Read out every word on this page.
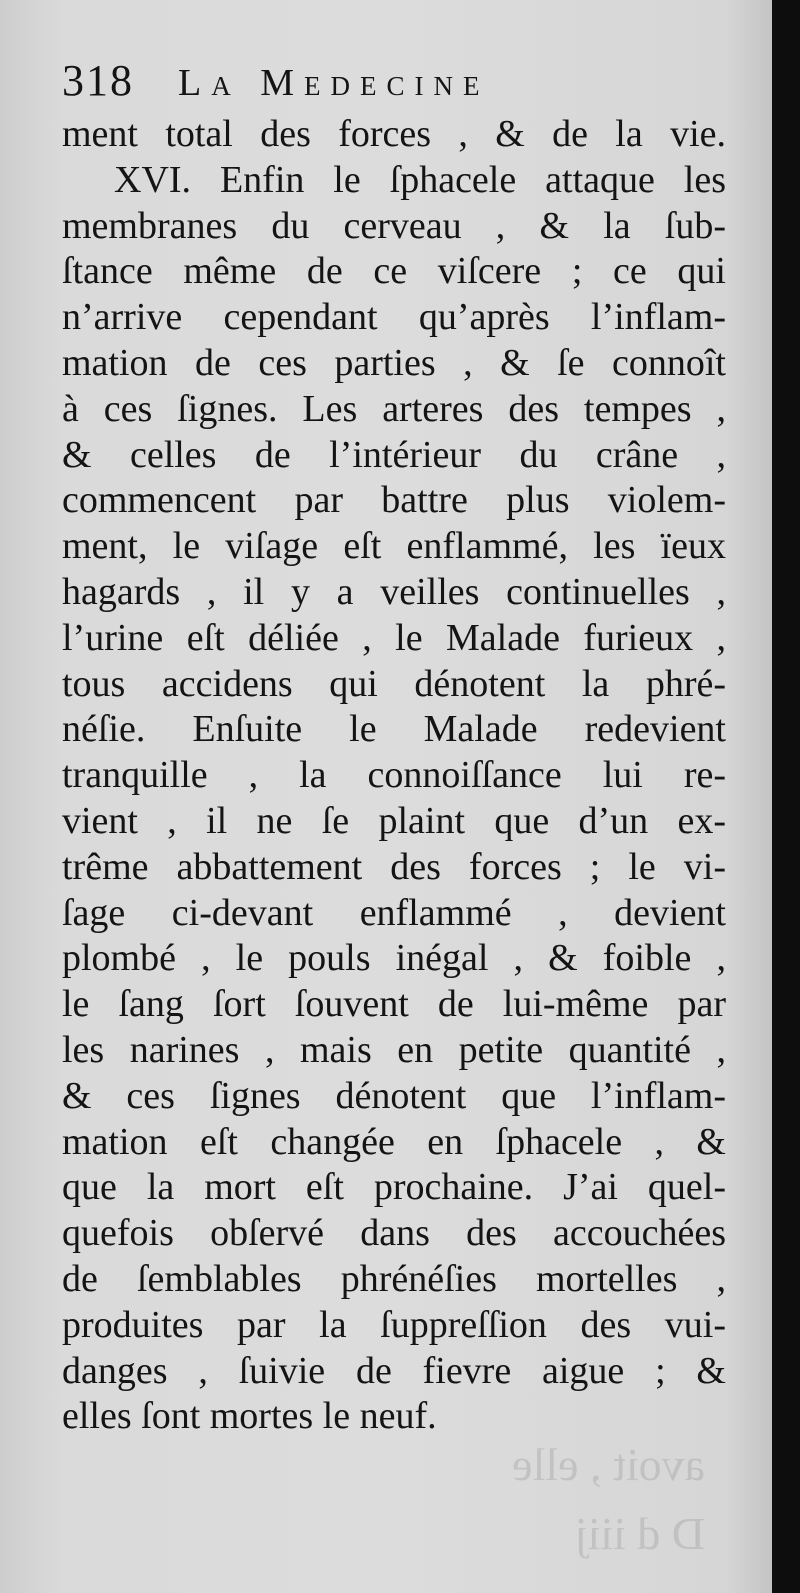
avoit , elle
D d iiij
318 La Medecine
ment total des forces , & de la vie.
XVI. Enfin le ſphacele attaque les
membranes du cerveau , & la ſub-
ſtance même de ce viſcere ; ce qui
n’arrive cependant qu’après l’inflam-
mation de ces parties , & ſe connoît
à ces ſignes. Les arteres des tempes ,
& celles de l’intérieur du crâne ,
commencent par battre plus violem-
ment, le viſage eſt enflammé, les ïeux
hagards , il y a veilles continuelles ,
l’urine eſt déliée , le Malade furieux ,
tous accidens qui dénotent la phré-
néſie. Enſuite le Malade redevient
tranquille , la connoiſſance lui re-
vient , il ne ſe plaint que d’un ex-
trême abbattement des forces ; le vi-
ſage ci-devant enflammé , devient
plombé , le pouls inégal , & foible ,
le ſang ſort ſouvent de lui-même par
les narines , mais en petite quantité ,
& ces ſignes dénotent que l’inflam-
mation eſt changée en ſphacele , &
que la mort eſt prochaine. J’ai quel-
quefois obſervé dans des accouchées
de ſemblables phrénéſies mortelles ,
produites par la ſuppreſſion des vui-
danges , ſuivie de fievre aigue ; &
elles ſont mortes le neuf.
